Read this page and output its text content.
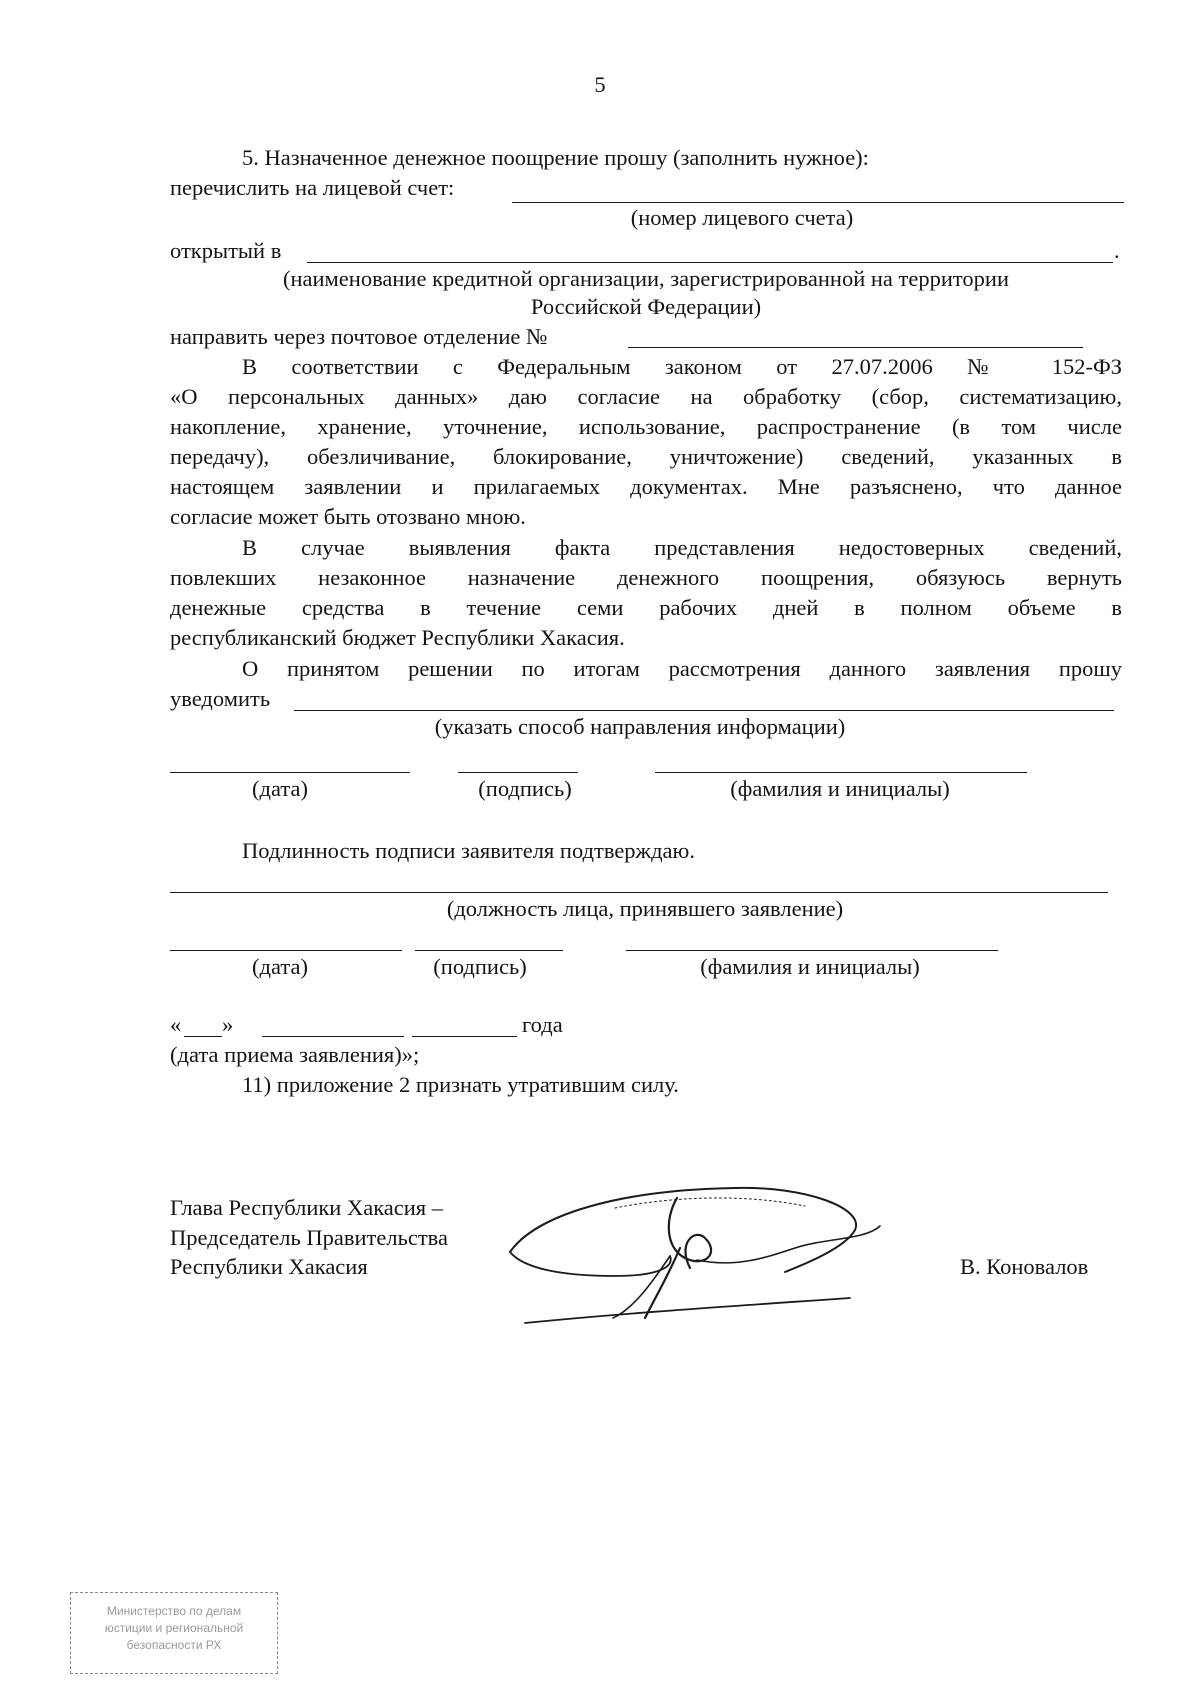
5
5. Назначенное денежное поощрение прошу (заполнить нужное):
перечислить на лицевой счет:
(номер лицевого счета)
открытый в	.
(наименование кредитной организации, зарегистрированной на территории
Российской Федерации)
направить через почтовое отделение №
В соответствии с Федеральным законом от 27.07.2006 № 152-ФЗ
«О персональных данных» даю согласие на обработку (сбор, систематизацию,
накопление, хранение, уточнение, использование, распространение (в том числе
передачу), обезличивание, блокирование, уничтожение) сведений, указанных в
настоящем заявлении и прилагаемых документах. Мне разъяснено, что данное
согласие может быть отозвано мною.
В случае выявления факта представления недостоверных сведений,
повлекших незаконное назначение денежного поощрения, обязуюсь вернуть
денежные средства в течение семи рабочих дней в полном объеме в
республиканский бюджет Республики Хакасия.
О принятом решении по итогам рассмотрения данного заявления прошу
уведомить
(указать способ направления информации)
(дата)	(подпись)	(фамилия и инициалы)
Подлинность подписи заявителя подтверждаю.
(должность лица, принявшего заявление)
(дата)	(подпись)	(фамилия и инициалы)
« »	года
(дата приема заявления)»;
11) приложение 2 признать утратившим силу.
Глава Республики Хакасия –
Председатель Правительства
Республики Хакасия	В. Коновалов
Министерство по делам
юстиции и региональной
безопасности РХ
